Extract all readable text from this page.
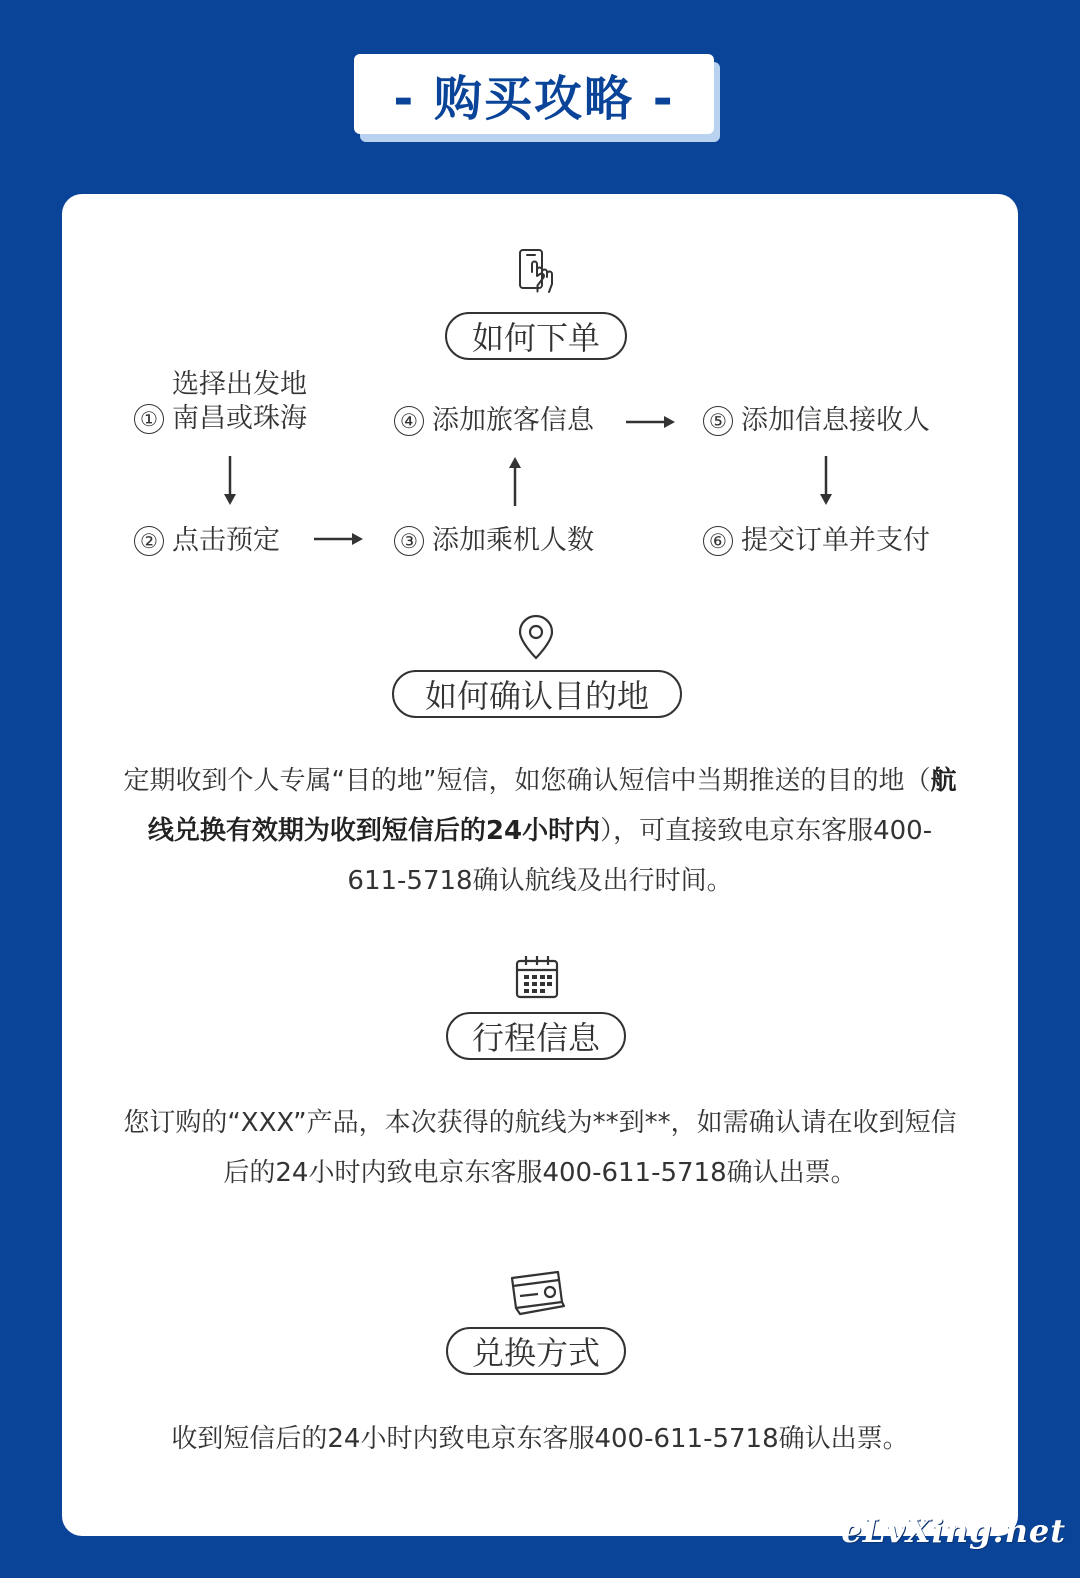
- 购买攻略 -
如何下单
①
选择出发地
南昌或珠海	④ 添加旅客信息	⑤ 添加信息接收人
② 点击预定	③ 添加乘机人数	⑥ 提交订单并支付
如何确认目的地

定期收到个人专属“目的地”短信，如您确认短信中当期推送的目的地（航线兑换有效期为收到短信后的24小时内），可直接致电京东客服400-611-5718确认航线及出行时间。

行程信息

您订购的“XXX”产品，本次获得的航线为**到**，如需确认请在收到短信后的24小时内致电京东客服400-611-5718确认出票。

兑换方式

收到短信后的24小时内致电京东客服400-611-5718确认出票。

eLvXing.net
